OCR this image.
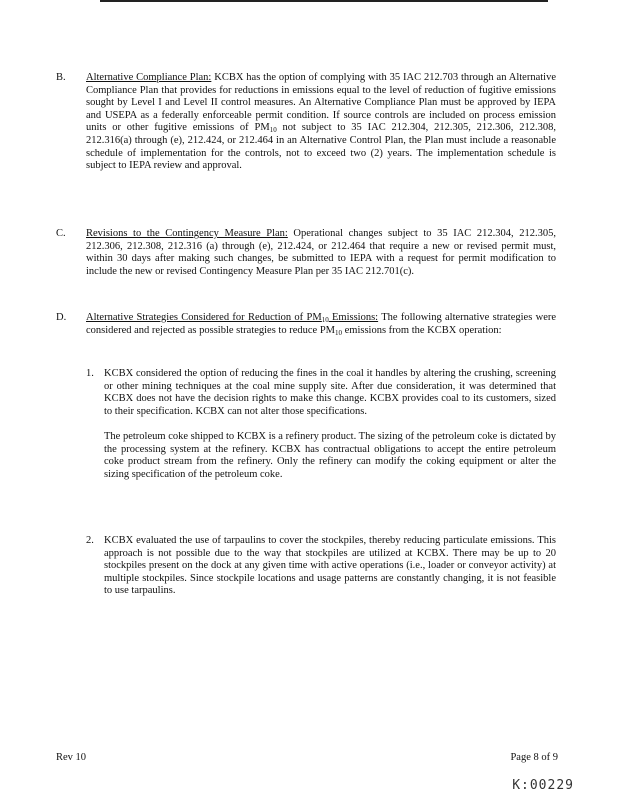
B. Alternative Compliance Plan: KCBX has the option of complying with 35 IAC 212.703 through an Alternative Compliance Plan that provides for reductions in emissions equal to the level of reduction of fugitive emissions sought by Level I and Level II control measures. An Alternative Compliance Plan must be approved by IEPA and USEPA as a federally enforceable permit condition. If source controls are included on process emission units or other fugitive emissions of $PM_{10}$ not subject to 35 IAC 212.304, 212.305, 212.306, 212.308, 212.316(a) through (e), 212.424, or 212.464 in an Alternative Control Plan, the Plan must include a reasonable schedule of implementation for the controls, not to exceed two (2) years. The implementation schedule is subject to IEPA review and approval.

C. Revisions to the Contingency Measure Plan: Operational changes subject to 35 IAC 212.304, 212.305, 212.306, 212.308, 212.316 (a) through (e), 212.424, or 212.464 that require a new or revised permit must, within 30 days after making such changes, be submitted to IEPA with a request for permit modification to include the new or revised Contingency Measure Plan per 35 IAC 212.701(c).

D. Alternative Strategies Considered for Reduction of $PM_{10}$ Emissions: The following alternative strategies were considered and rejected as possible strategies to reduce $PM_{10}$ emissions from the KCBX operation:

1. KCBX considered the option of reducing the fines in the coal it handles by altering the crushing, screening or other mining techniques at the coal mine supply site. After due consideration, it was determined that KCBX does not have the decision rights to make this change. KCBX provides coal to its customers, sized to their specification. KCBX can not alter those specifications.

The petroleum coke shipped to KCBX is a refinery product. The sizing of the petroleum coke is dictated by the processing system at the refinery. KCBX has contractual obligations to accept the entire petroleum coke product stream from the refinery. Only the refinery can modify the coking equipment or alter the sizing specification of the petroleum coke.

2. KCBX evaluated the use of tarpaulins to cover the stockpiles, thereby reducing particulate emissions. This approach is not possible due to the way that stockpiles are utilized at KCBX. There may be up to 20 stockpiles present on the dock at any given time with active operations (i.e., loader or conveyor activity) at multiple stockpiles. Since stockpile locations and usage patterns are constantly changing, it is not feasible to use tarpaulins.

Rev 10	Page 8 of 9
K:00229
